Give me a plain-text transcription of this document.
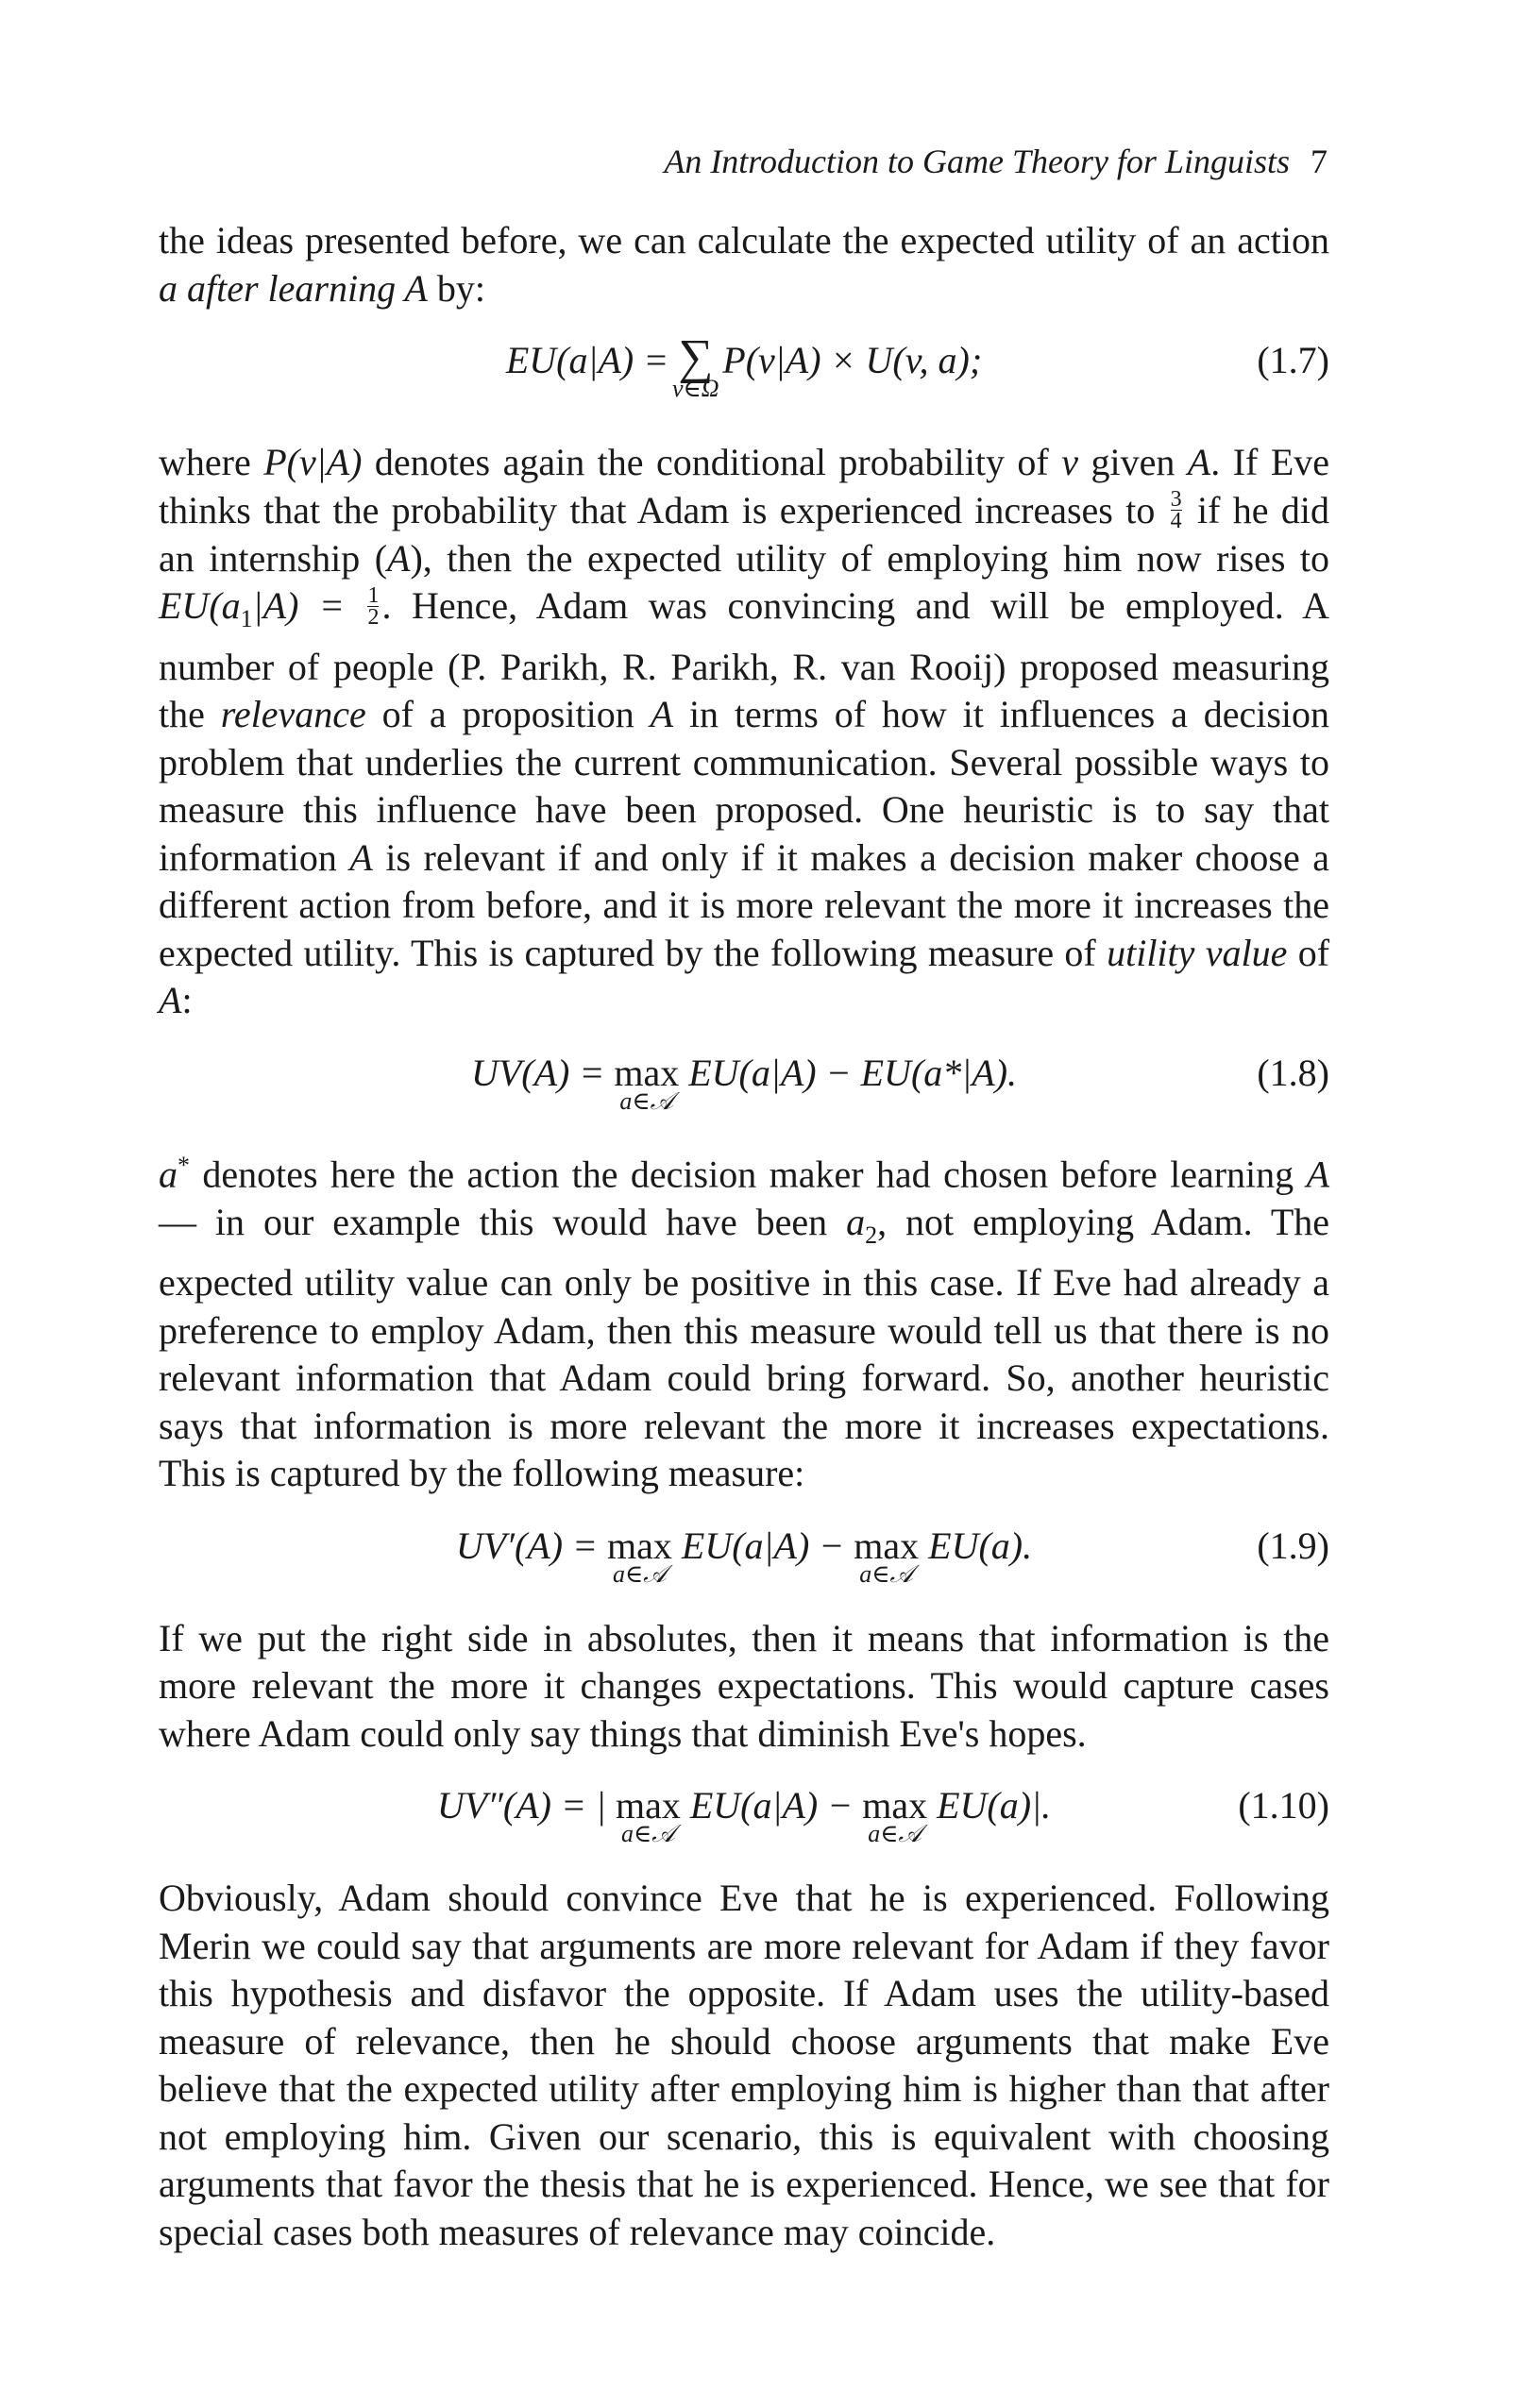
An Introduction to Game Theory for Linguists 7

the ideas presented before, we can calculate the expected utility of an action a after learning A by:

EU(a|A) = ∑
v∈Ω
P(v|A) × U(v, a);	(1.7)

where P(v|A) denotes again the conditional probability of v given A. If Eve thinks that the probability that Adam is experienced increases to $\frac{3}{4}$ if he did an internship (A), then the expected utility of employing him now rises to $EU(a_1|A) = \frac{1}{2}$ . Hence, Adam was convincing and will be employed. A number of people (P. Parikh, R. Parikh, R. van Rooij) proposed measuring the relevance of a proposition A in terms of how it influences a decision problem that underlies the current communication. Several possible ways to measure this influence have been proposed. One heuristic is to say that information A is relevant if and only if it makes a decision maker choose a different action from before, and it is more relevant the more it increases the expected utility. This is captured by the following measure of utility value of A:

UV(A) = max
a∈𝒜
EU(a|A) − EU(a*|A).	(1.8)

a* denotes here the action the decision maker had chosen before learning A — in our example this would have been $a_2$, not employing Adam. The expected utility value can only be positive in this case. If Eve had already a preference to employ Adam, then this measure would tell us that there is no relevant information that Adam could bring forward. So, another heuristic says that information is more relevant the more it increases expectations. This is captured by the following measure:

UV′(A) = max
a∈𝒜
EU(a|A) − max
a∈𝒜
EU(a).	(1.9)

If we put the right side in absolutes, then it means that information is the more relevant the more it changes expectations. This would capture cases where Adam could only say things that diminish Eve's hopes.

UV″(A) = | max
a∈𝒜
EU(a|A) − max
a∈𝒜
EU(a)|.	(1.10)

Obviously, Adam should convince Eve that he is experienced. Following Merin we could say that arguments are more relevant for Adam if they favor this hypothesis and disfavor the opposite. If Adam uses the utility-based measure of relevance, then he should choose arguments that make Eve believe that the expected utility after employing him is higher than that after not employing him. Given our scenario, this is equivalent with choosing arguments that favor the thesis that he is experienced. Hence, we see that for special cases both measures of relevance may coincide.
